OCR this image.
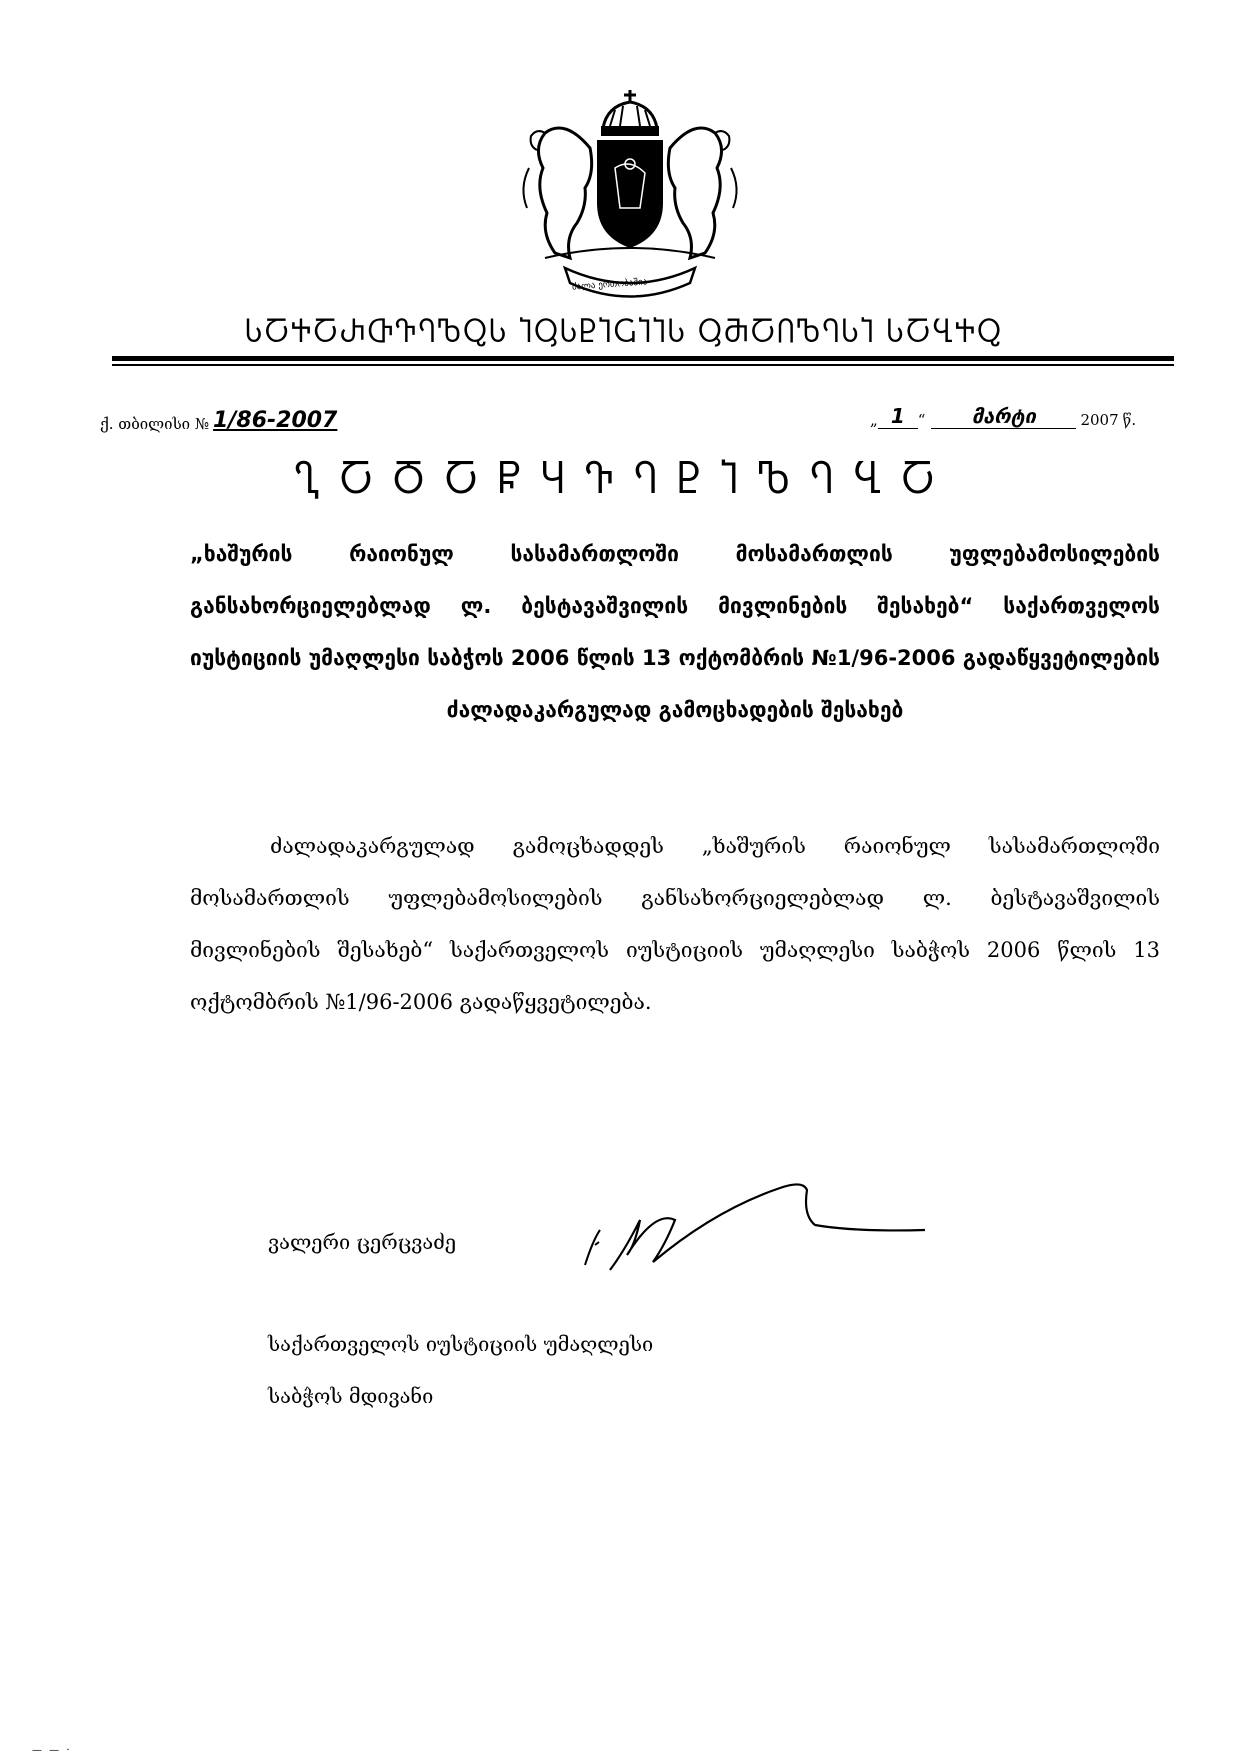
ძალა ერთობაშია
ႱႠႵႠႰႧႥႤႪႭႱ ႨႳႱႲႨႺႨႨႱ ႳႫႠႶႪႤႱႨ ႱႠႡႵႭ
ქ. თბილისი № 1/86-2007	„ 1 “	მარტი	2007 წ.
ႢႠႣႠႼႷႥႤႲႨႪႤႡႠ
„ხაშურის რაიონულ სასამართლოში მოსამართლის უფლებამოსილების განსახორციელებლად ლ. ბესტავაშვილის მივლინების შესახებ“ საქართველოს იუსტიციის უმაღლესი საბჭოს 2006 წლის 13 ოქტომბრის №1/96-2006 გადაწყვეტილების ძალადაკარგულად გამოცხადების შესახებ
ძალადაკარგულად გამოცხადდეს „ხაშურის რაიონულ სასამართლოში მოსამართლის უფლებამოსილების განსახორციელებლად ლ. ბესტავაშვილის მივლინების შესახებ“ საქართველოს იუსტიციის უმაღლესი საბჭოს 2006 წლის 13 ოქტომბრის №1/96-2006 გადაწყვეტილება.
ვალერი ცერცვაძე
საქართველოს იუსტიციის უმაღლესი
საბჭოს მდივანი
— — ·
